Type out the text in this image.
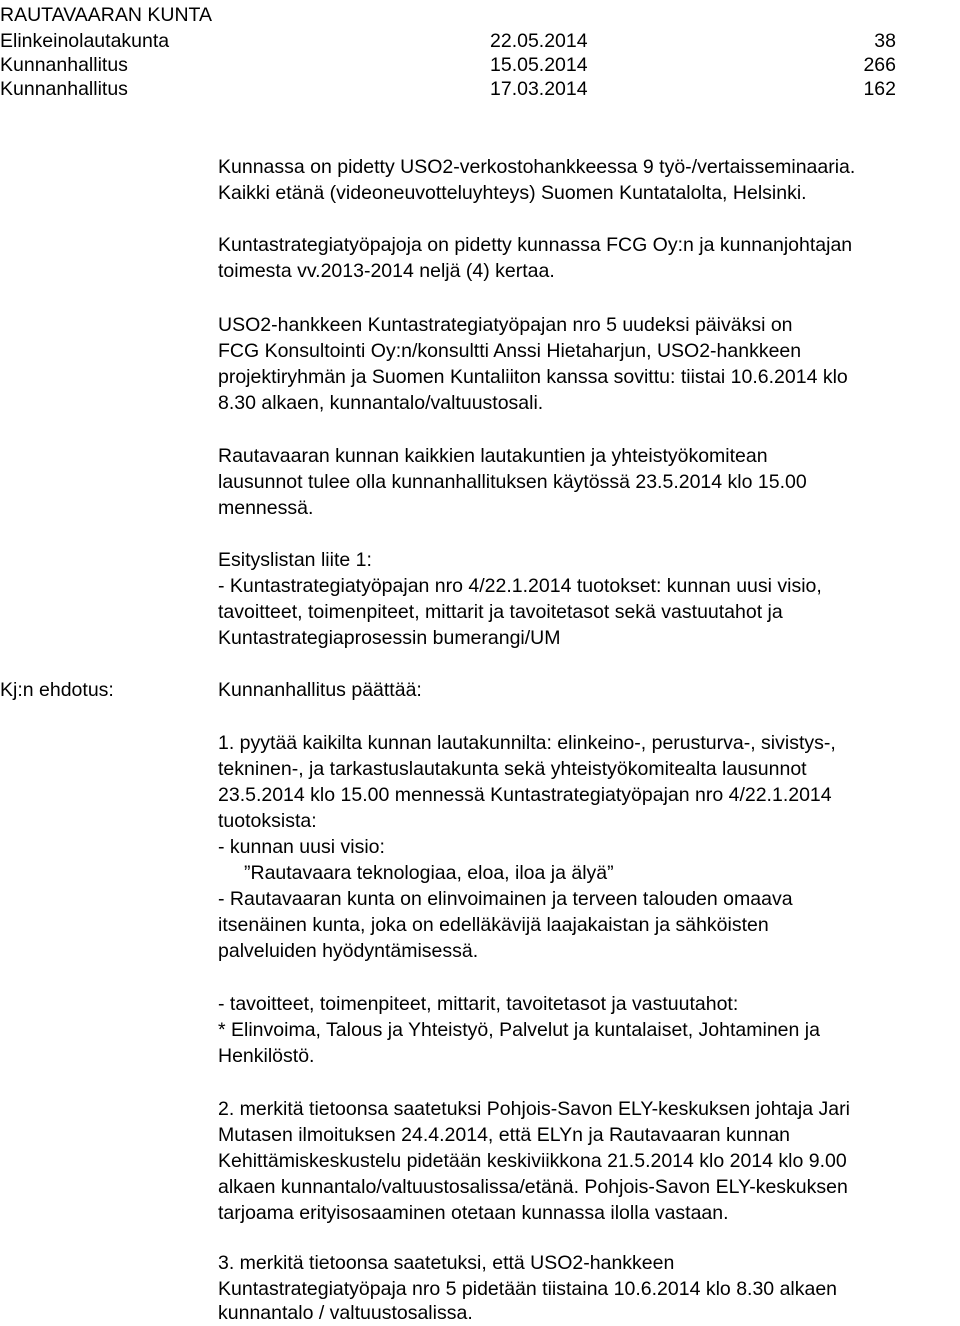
RAUTAVAARAN KUNTA
Elinkeinolautakunta	22.05.2014	38
Kunnanhallitus	15.05.2014	266
Kunnanhallitus	17.03.2014	162
Kunnassa on pidetty USO2-verkostohankkeessa 9 työ-/vertaisseminaaria.
Kaikki etänä (videoneuvotteluyhteys) Suomen Kuntatalolta, Helsinki.
Kuntastrategiatyöpajoja on pidetty kunnassa FCG Oy:n ja kunnanjohtajan
toimesta vv.2013-2014 neljä (4) kertaa.
USO2-hankkeen Kuntastrategiatyöpajan nro 5 uudeksi päiväksi on
FCG Konsultointi Oy:n/konsultti Anssi Hietaharjun, USO2-hankkeen
projektiryhmän ja Suomen Kuntaliiton kanssa sovittu: tiistai 10.6.2014 klo
8.30 alkaen, kunnantalo/valtuustosali.
Rautavaaran kunnan kaikkien lautakuntien ja yhteistyökomitean
lausunnot tulee olla kunnanhallituksen käytössä 23.5.2014 klo 15.00
mennessä.
Esityslistan liite 1:
- Kuntastrategiatyöpajan nro 4/22.1.2014 tuotokset: kunnan uusi visio,
tavoitteet, toimenpiteet, mittarit ja tavoitetasot sekä vastuutahot ja
Kuntastrategiaprosessin bumerangi/UM
Kj:n ehdotus:	Kunnanhallitus päättää:
1. pyytää kaikilta kunnan lautakunnilta: elinkeino-, perusturva-, sivistys-,
tekninen-, ja tarkastuslautakunta sekä yhteistyökomitealta lausunnot
23.5.2014 klo 15.00 mennessä Kuntastrategiatyöpajan nro 4/22.1.2014
tuotoksista:
- kunnan uusi visio:
”Rautavaara teknologiaa, eloa, iloa ja älyä”
- Rautavaaran kunta on elinvoimainen ja terveen talouden omaava
itsenäinen kunta, joka on edelläkävijä laajakaistan ja sähköisten
palveluiden hyödyntämisessä.
- tavoitteet, toimenpiteet, mittarit, tavoitetasot ja vastuutahot:
* Elinvoima, Talous ja Yhteistyö, Palvelut ja kuntalaiset, Johtaminen ja
Henkilöstö.
2. merkitä tietoonsa saatetuksi Pohjois-Savon ELY-keskuksen johtaja Jari
Mutasen ilmoituksen 24.4.2014, että ELYn ja Rautavaaran kunnan
Kehittämiskeskustelu pidetään keskiviikkona 21.5.2014 klo 2014 klo 9.00
alkaen kunnantalo/valtuustosalissa/etänä. Pohjois-Savon ELY-keskuksen
tarjoama erityisosaaminen otetaan kunnassa ilolla vastaan.
3. merkitä tietoonsa saatetuksi, että USO2-hankkeen
Kuntastrategiatyöpaja nro 5 pidetään tiistaina 10.6.2014 klo 8.30 alkaen
kunnantalo / valtuustosalissa.
